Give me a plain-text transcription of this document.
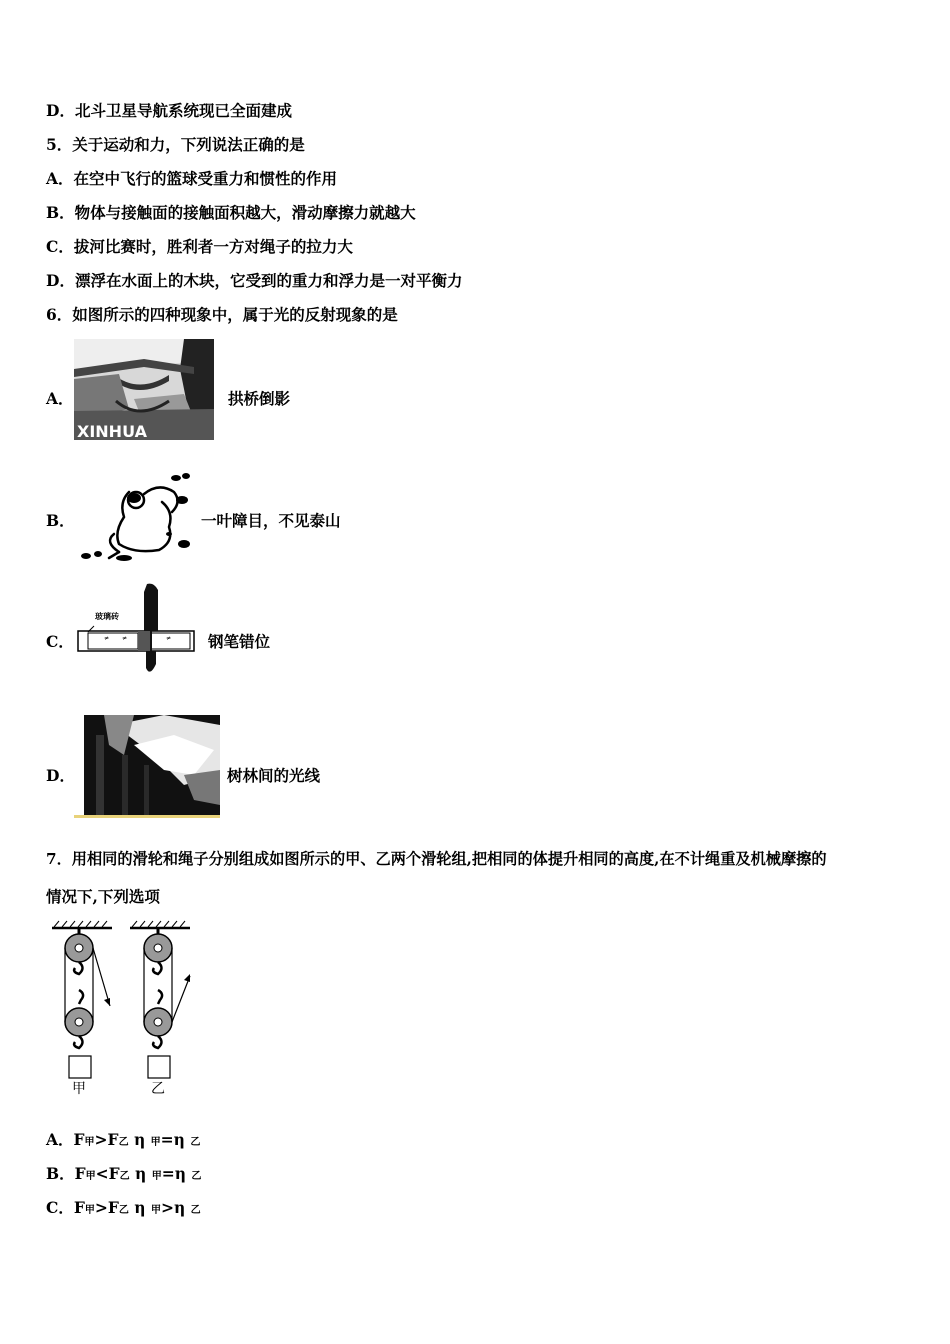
D．北斗卫星导航系统现已全面建成
5．关于运动和力，下列说法正确的是
A．在空中飞行的篮球受重力和惯性的作用
B．物体与接触面的接触面积越大，滑动摩擦力就越大
C．拔河比赛时，胜利者一方对绳子的拉力大
D．漂浮在水面上的木块，它受到的重力和浮力是一对平衡力
6．如图所示的四种现象中，属于光的反射现象的是
A．
XINHUA
拱桥倒影
B．	一叶障目，不见泰山
C．	≠ ≠	≠
玻璃砖
钢笔错位
D．	树林间的光线
7．用相同的滑轮和绳子分别组成如图所示的甲、乙两个滑轮组,把相同的体提升相同的高度,在不计绳重及机械摩擦的
情况下,下列选项
甲	乙
A．F甲>F乙 η 甲=η 乙
B．F甲<F乙 η 甲=η 乙
C．F甲>F乙 η 甲>η 乙
